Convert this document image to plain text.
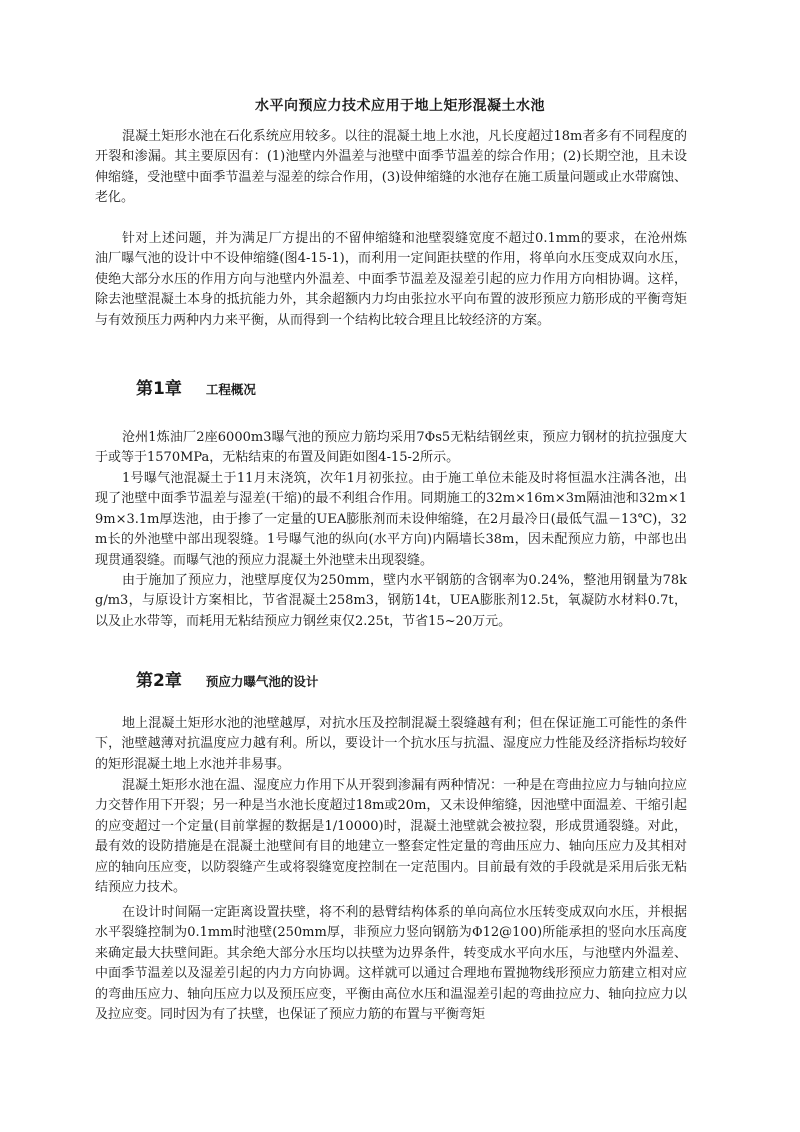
水平向预应力技术应用于地上矩形混凝土水池

混凝土矩形水池在石化系统应用较多。以往的混凝土地上水池，凡长度超过18m者多有不同程度的开裂和渗漏。其主要原因有：(1)池壁内外温差与池壁中面季节温差的综合作用；(2)长期空池，且未设伸缩缝，受池壁中面季节温差与湿差的综合作用，(3)设伸缩缝的水池存在施工质量问题或止水带腐蚀、老化。

针对上述问题，并为满足厂方提出的不留伸缩缝和池壁裂缝宽度不超过0.1mm的要求，在沧州炼油厂曝气池的设计中不设伸缩缝(图4-15-1)，而利用一定间距扶壁的作用，将单向水压变成双向水压，使绝大部分水压的作用方向与池壁内外温差、中面季节温差及湿差引起的应力作用方向相协调。这样，除去池壁混凝土本身的抵抗能力外，其余超额内力均由张拉水平向布置的波形预应力筋形成的平衡弯矩与有效预压力两种内力来平衡，从而得到一个结构比较合理且比较经济的方案。

第1章 工程概况

沧州1炼油厂2座6000m3曝气池的预应力筋均采用7Φs5无粘结钢丝束，预应力钢材的抗拉强度大于或等于1570MPa，无粘结束的布置及间距如图4-15-2所示。

1号曝气池混凝土于11月末浇筑，次年1月初张拉。由于施工单位未能及时将恒温水注满各池，出现了池壁中面季节温差与湿差(干缩)的最不利组合作用。同期施工的32m×16m×3m隔油池和32m×19m×3.1m厚迭池，由于掺了一定量的UEA膨胀剂而未设伸缩缝，在2月最冷日(最低气温－13℃)，32m长的外池壁中部出现裂缝。1号曝气池的纵向(水平方向)内隔墙长38m，因未配预应力筋，中部也出现贯通裂缝。而曝气池的预应力混凝土外池壁未出现裂缝。

由于施加了预应力，池壁厚度仅为250mm，壁内水平钢筋的含钢率为0.24%，整池用钢量为78kg/m3，与原设计方案相比，节省混凝土258m3，钢筋14t，UEA膨胀剂12.5t，氧凝防水材料0.7t，以及止水带等，而耗用无粘结预应力钢丝束仅2.25t，节省15~20万元。

第2章 预应力曝气池的设计

地上混凝土矩形水池的池壁越厚，对抗水压及控制混凝土裂缝越有利；但在保证施工可能性的条件下，池壁越薄对抗温度应力越有利。所以，要设计一个抗水压与抗温、湿度应力性能及经济指标均较好的矩形混凝土地上水池并非易事。

混凝土矩形水池在温、湿度应力作用下从开裂到渗漏有两种情况：一种是在弯曲拉应力与轴向拉应力交替作用下开裂；另一种是当水池长度超过18m或20m，又未设伸缩缝，因池壁中面温差、干缩引起的应变超过一个定量(目前掌握的数据是1/10000)时，混凝土池壁就会被拉裂，形成贯通裂缝。对此，最有效的设防措施是在混凝土池壁间有目的地建立一整套定性定量的弯曲压应力、轴向压应力及其相对应的轴向压应变，以防裂缝产生或将裂缝宽度控制在一定范围内。目前最有效的手段就是采用后张无粘结预应力技术。

在设计时间隔一定距离设置扶壁，将不利的悬臂结构体系的单向高位水压转变成双向水压，并根据水平裂缝控制为0.1mm时池壁(250mm厚，非预应力竖向钢筋为Φ12@100)所能承担的竖向水压高度来确定最大扶壁间距。其余绝大部分水压均以扶壁为边界条件，转变成水平向水压，与池壁内外温差、中面季节温差以及湿差引起的内力方向协调。这样就可以通过合理地布置抛物线形预应力筋建立相对应的弯曲压应力、轴向压应力以及预压应变，平衡由高位水压和温湿差引起的弯曲拉应力、轴向拉应力以及拉应变。同时因为有了扶壁，也保证了预应力筋的布置与平衡弯矩
